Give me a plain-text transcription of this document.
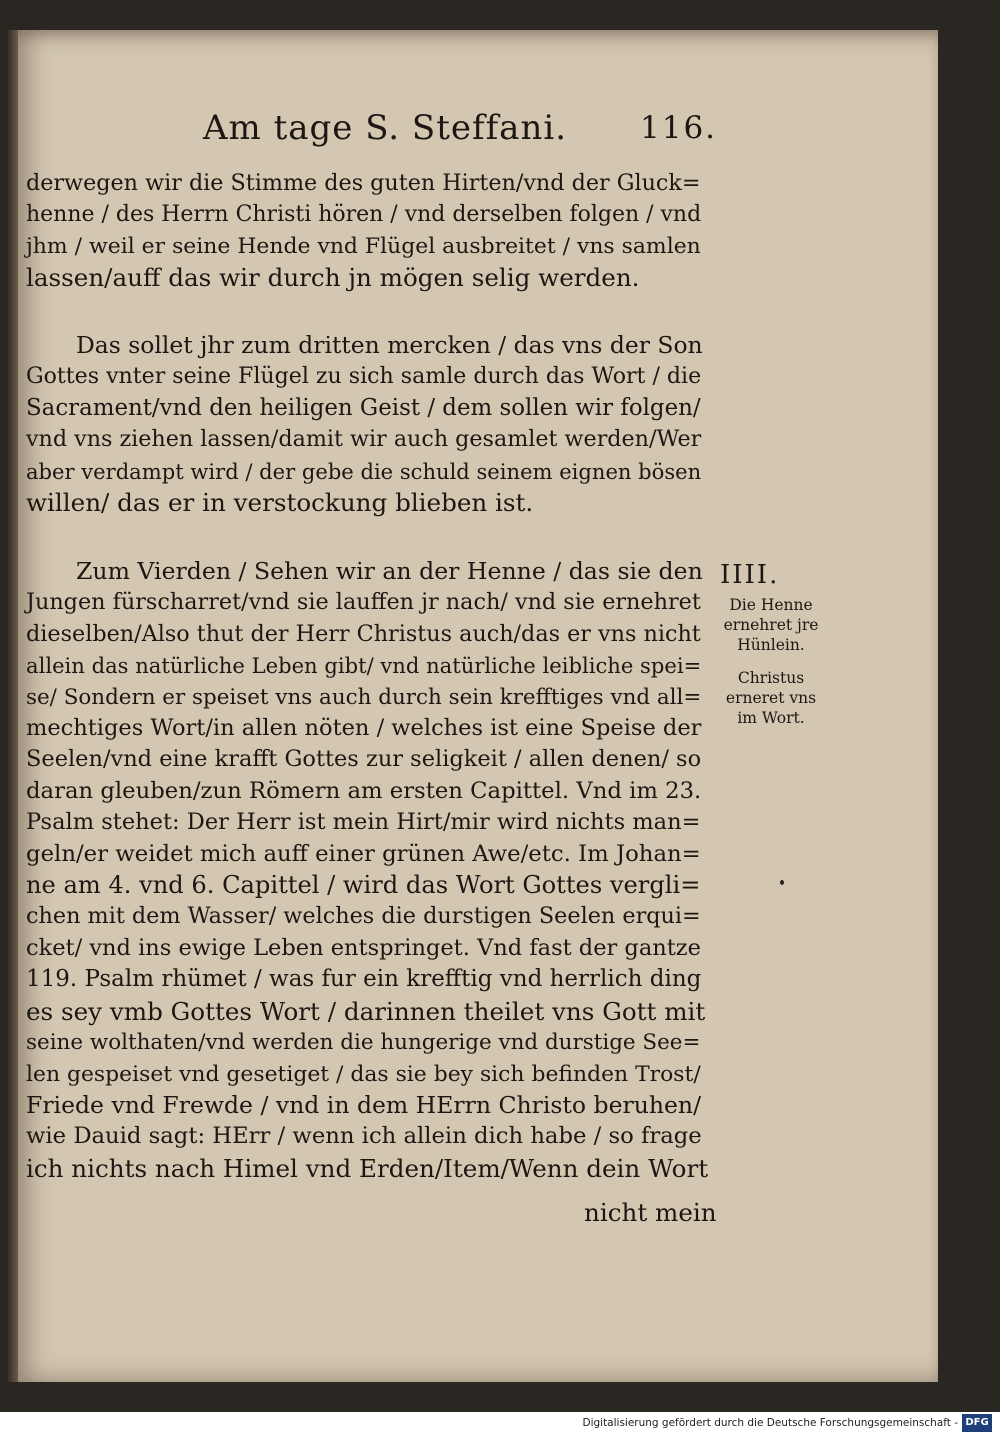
Am tage S. Steffani. 116.
derwegen wir die Stimme des guten Hirten/vnd der Gluck=
henne / des Herrn Christi hören / vnd derselben folgen / vnd
jhm / weil er seine Hende vnd Flügel ausbreitet / vns samlen
lassen/auff das wir durch jn mögen selig werden.
Das sollet jhr zum dritten mercken / das vns der Son
Gottes vnter seine Flügel zu sich samle durch das Wort / die
Sacrament/vnd den heiligen Geist / dem sollen wir folgen/
vnd vns ziehen lassen/damit wir auch gesamlet werden/Wer
aber verdampt wird / der gebe die schuld seinem eignen bösen
willen/ das er in verstockung blieben ist.
Zum Vierden / Sehen wir an der Henne / das sie den
Jungen fürscharret/vnd sie lauffen jr nach/ vnd sie ernehret
dieselben/Also thut der Herr Christus auch/das er vns nicht
allein das natürliche Leben gibt/ vnd natürliche leibliche spei=
se/ Sondern er speiset vns auch durch sein krefftiges vnd all=
mechtiges Wort/in allen nöten / welches ist eine Speise der
Seelen/vnd eine krafft Gottes zur seligkeit / allen denen/ so
daran gleuben/zun Römern am ersten Capittel. Vnd im 23.
Psalm stehet: Der Herr ist mein Hirt/mir wird nichts man=
geln/er weidet mich auff einer grünen Awe/etc. Im Johan=
ne am 4. vnd 6. Capittel / wird das Wort Gottes vergli=
chen mit dem Wasser/ welches die durstigen Seelen erqui=
cket/ vnd ins ewige Leben entspringet. Vnd fast der gantze
119. Psalm rhümet / was fur ein krefftig vnd herrlich ding
es sey vmb Gottes Wort / darinnen theilet vns Gott mit
seine wolthaten/vnd werden die hungerige vnd durstige See=
len gespeiset vnd gesetiget / das sie bey sich befinden Trost/
Friede vnd Frewde / vnd in dem HErrn Christo beruhen/
wie Dauid sagt: HErr / wenn ich allein dich habe / so frage
ich nichts nach Himel vnd Erden/Item/Wenn dein Wort
IIII.
Die Henne
ernehret jre
Hünlein.
Christus
erneret vns
im Wort.
nicht mein
Digitalisierung gefördert durch die Deutsche Forschungsgemeinschaft - DFG
